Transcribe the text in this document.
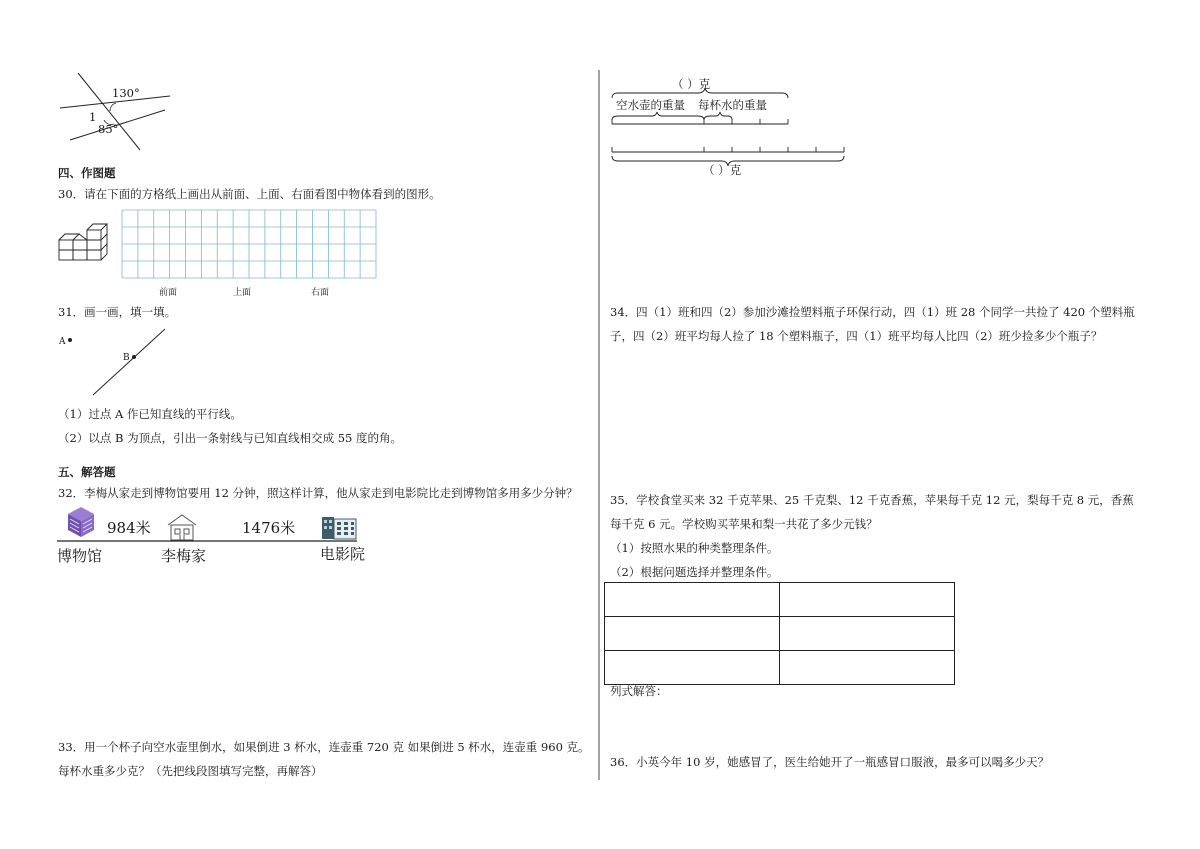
130°
1
85°
四、作图题
30．请在下面的方格纸上画出从前面、上面、右面看图中物体看到的图形。
前面	上面	右面
31．画一画，填一填。
A
B
（1）过点 A 作已知直线的平行线。
（2）以点 B 为顶点，引出一条射线与已知直线相交成 55 度的角。
五、解答题
32．李梅从家走到博物馆要用 12 分钟，照这样计算，他从家走到电影院比走到博物馆多用多少分钟？
984米	1476米
博物馆	李梅家	电影院
33．用一个杯子向空水壶里倒水，如果倒进 3 杯水，连壶重 720 克 如果倒进 5 杯水，连壶重 960 克。
每杯水重多少克？（先把线段图填写完整，再解答）
（ ）克
空水壶的重量 每杯水的重量
（ ）克
34．四（1）班和四（2）参加沙滩捡塑料瓶子环保行动，四（1）班 28 个同学一共捡了 420 个塑料瓶
子，四（2）班平均每人捡了 18 个塑料瓶子，四（1）班平均每人比四（2）班少捡多少个瓶子？
35．学校食堂买来 32 千克苹果、25 千克梨、12 千克香蕉，苹果每千克 12 元，梨每千克 8 元，香蕉
每千克 6 元。学校购买苹果和梨一共花了多少元钱？
（1）按照水果的种类整理条件。
（2）根据问题选择并整理条件。

列式解答：
36．小英今年 10 岁，她感冒了，医生给她开了一瓶感冒口服液，最多可以喝多少天？
